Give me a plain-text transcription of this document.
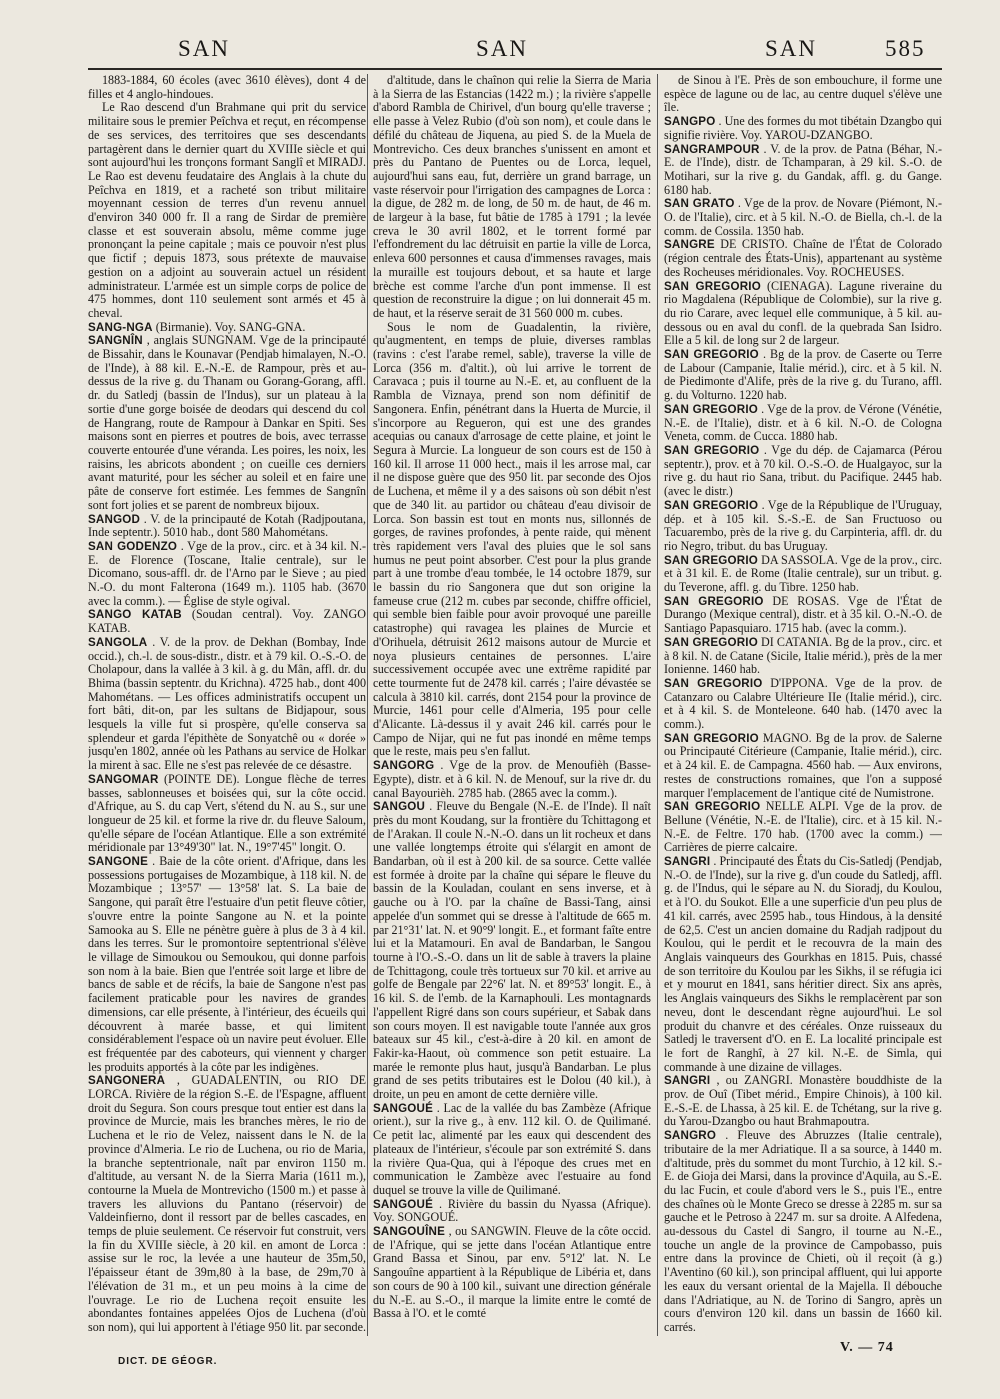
SAN	SAN	SAN	585

1883-1884, 60 écoles (avec 3610 élèves), dont 4 de filles et 4 anglo-hindoues.

Le Rao descend d'un Brahmane qui prit du service militaire sous le premier Peîchva et reçut, en récompense de ses services, des territoires que ses descendants partagèrent dans le dernier quart du XVIIIe siècle et qui sont aujourd'hui les tronçons formant Sanglî et MIRADJ. Le Rao est devenu feudataire des Anglais à la chute du Peîchva en 1819, et a racheté son tribut militaire moyennant cession de terres d'un revenu annuel d'environ 340 000 fr. Il a rang de Sirdar de première classe et est souverain absolu, même comme juge prononçant la peine capitale ; mais ce pouvoir n'est plus que fictif ; depuis 1873, sous prétexte de mauvaise gestion on a adjoint au souverain actuel un résident administrateur. L'armée est un simple corps de police de 475 hommes, dont 110 seulement sont armés et 45 à cheval.

SANG-NGA (Birmanie). Voy. SANG-GNA.

SANGNÎN , anglais SUNGNAM. Vge de la principauté de Bissahir, dans le Kounavar (Pendjab himalayen, N.-O. de l'Inde), à 88 kil. E.-N.-E. de Rampour, près et au-dessus de la rive g. du Thanam ou Gorang-Gorang, affl. dr. du Satledj (bassin de l'Indus), sur un plateau à la sortie d'une gorge boisée de deodars qui descend du col de Hangrang, route de Rampour à Dankar en Spiti. Ses maisons sont en pierres et poutres de bois, avec terrasse couverte entourée d'une véranda. Les poires, les noix, les raisins, les abricots abondent ; on cueille ces derniers avant maturité, pour les sécher au soleil et en faire une pâte de conserve fort estimée. Les femmes de Sangnîn sont fort jolies et se parent de nombreux bijoux.

SANGOD . V. de la principauté de Kotah (Radjpoutana, Inde septentr.). 5010 hab., dont 580 Mahométans.

SAN GODENZO . Vge de la prov., circ. et à 34 kil. N.-E. de Florence (Toscane, Italie centrale), sur le Dicomano, sous-affl. dr. de l'Arno par le Sieve ; au pied N.-O. du mont Falterona (1649 m.). 1105 hab. (3670 avec la comm.). — Église de style ogival.

SANGO KATAB (Soudan central). Voy. ZANGO KATAB.

SANGOLA . V. de la prov. de Dekhan (Bombay, Inde occid.), ch.-l. de sous-distr., distr. et à 79 kil. O.-S.-O. de Cholapour, dans la vallée à 3 kil. à g. du Mân, affl. dr. du Bhima (bassin septentr. du Krichna). 4725 hab., dont 400 Mahométans. — Les offices administratifs occupent un fort bâti, dit-on, par les sultans de Bidjapour, sous lesquels la ville fut si prospère, qu'elle conserva sa splendeur et garda l'épithète de Sonyatchê ou « dorée » jusqu'en 1802, année où les Pathans au service de Holkar la mirent à sac. Elle ne s'est pas relevée de ce désastre.

SANGOMAR (POINTE DE). Longue flèche de terres basses, sablonneuses et boisées qui, sur la côte occid. d'Afrique, au S. du cap Vert, s'étend du N. au S., sur une longueur de 25 kil. et forme la rive dr. du fleuve Saloum, qu'elle sépare de l'océan Atlantique. Elle a son extrémité méridionale par 13°49'30" lat. N., 19°7'45" longit. O.

SANGONE . Baie de la côte orient. d'Afrique, dans les possessions portugaises de Mozambique, à 118 kil. N. de Mozambique ; 13°57' — 13°58' lat. S. La baie de Sangone, qui paraît être l'estuaire d'un petit fleuve côtier, s'ouvre entre la pointe Sangone au N. et la pointe Samooka au S. Elle ne pénètre guère à plus de 3 à 4 kil. dans les terres. Sur le promontoire septentrional s'élève le village de Simoukou ou Semoukou, qui donne parfois son nom à la baie. Bien que l'entrée soit large et libre de bancs de sable et de récifs, la baie de Sangone n'est pas facilement praticable pour les navires de grandes dimensions, car elle présente, à l'intérieur, des écueils qui découvrent à marée basse, et qui limitent considérablement l'espace où un navire peut évoluer. Elle est fréquentée par des caboteurs, qui viennent y charger les produits apportés à la côte par les indigènes.

SANGONERA , GUADALENTIN, ou RIO DE LORCA. Rivière de la région S.-E. de l'Espagne, affluent droit du Segura. Son cours presque tout entier est dans la province de Murcie, mais les branches mères, le rio de Luchena et le rio de Velez, naissent dans le N. de la province d'Almeria. Le rio de Luchena, ou rio de Maria, la branche septentrionale, naît par environ 1150 m. d'altitude, au versant N. de la Sierra Maria (1611 m.), contourne la Muela de Montrevicho (1500 m.) et passe à travers les alluvions du Pantano (réservoir) de Valdeinfierno, dont il ressort par de belles cascades, en temps de pluie seulement. Ce réservoir fut construit, vers la fin du XVIIIe siècle, à 20 kil. en amont de Lorca : assise sur le roc, la levée a une hauteur de 35m,50, l'épaisseur étant de 39m,80 à la base, de 29m,70 à l'élévation de 31 m., et un peu moins à la cime de l'ouvrage. Le rio de Luchena reçoit ensuite les abondantes fontaines appelées Ojos de Luchena (d'où son nom), qui lui apportent à l'étiage 950 lit. par seconde.

d'altitude, dans le chaînon qui relie la Sierra de Maria à la Sierra de las Estancias (1422 m.) ; la rivière s'appelle d'abord Rambla de Chirivel, d'un bourg qu'elle traverse ; elle passe à Velez Rubio (d'où son nom), et coule dans le défilé du château de Jiquena, au pied S. de la Muela de Montrevicho. Ces deux branches s'unissent en amont et près du Pantano de Puentes ou de Lorca, lequel, aujourd'hui sans eau, fut, derrière un grand barrage, un vaste réservoir pour l'irrigation des campagnes de Lorca : la digue, de 282 m. de long, de 50 m. de haut, de 46 m. de largeur à la base, fut bâtie de 1785 à 1791 ; la levée creva le 30 avril 1802, et le torrent formé par l'effondrement du lac détruisit en partie la ville de Lorca, enleva 600 personnes et causa d'immenses ravages, mais la muraille est toujours debout, et sa haute et large brèche est comme l'arche d'un pont immense. Il est question de reconstruire la digue ; on lui donnerait 45 m. de haut, et la réserve serait de 31 560 000 m. cubes.

Sous le nom de Guadalentin, la rivière, qu'augmentent, en temps de pluie, diverses ramblas (ravins : c'est l'arabe remel, sable), traverse la ville de Lorca (356 m. d'altit.), où lui arrive le torrent de Caravaca ; puis il tourne au N.-E. et, au confluent de la Rambla de Viznaya, prend son nom définitif de Sangonera. Enfin, pénétrant dans la Huerta de Murcie, il s'incorpore au Regueron, qui est une des grandes acequias ou canaux d'arrosage de cette plaine, et joint le Segura à Murcie. La longueur de son cours est de 150 à 160 kil. Il arrose 11 000 hect., mais il les arrose mal, car il ne dispose guère que des 950 lit. par seconde des Ojos de Luchena, et même il y a des saisons où son débit n'est que de 340 lit. au partidor ou château d'eau divisoir de Lorca. Son bassin est tout en monts nus, sillonnés de gorges, de ravines profondes, à pente raide, qui mènent très rapidement vers l'aval des pluies que le sol sans humus ne peut point absorber. C'est pour la plus grande part à une trombe d'eau tombée, le 14 octobre 1879, sur le bassin du rio Sangonera que dut son origine la fameuse crue (212 m. cubes par seconde, chiffre officiel, qui semble bien faible pour avoir provoqué une pareille catastrophe) qui ravagea les plaines de Murcie et d'Orihuela, détruisit 2612 maisons autour de Murcie et noya plusieurs centaines de personnes. L'aire successivement occupée avec une extrême rapidité par cette tourmente fut de 2478 kil. carrés ; l'aire dévastée se calcula à 3810 kil. carrés, dont 2154 pour la province de Murcie, 1461 pour celle d'Almeria, 195 pour celle d'Alicante. Là-dessus il y avait 246 kil. carrés pour le Campo de Nijar, qui ne fut pas inondé en même temps que le reste, mais peu s'en fallut.

SANGORG . Vge de la prov. de Menoufièh (Basse-Egypte), distr. et à 6 kil. N. de Menouf, sur la rive dr. du canal Bayourièh. 2785 hab. (2865 avec la comm.).

SANGOU . Fleuve du Bengale (N.-E. de l'Inde). Il naît près du mont Koudang, sur la frontière du Tchittagong et de l'Arakan. Il coule N.-N.-O. dans un lit rocheux et dans une vallée longtemps étroite qui s'élargit en amont de Bandarban, où il est à 200 kil. de sa source. Cette vallée est formée à droite par la chaîne qui sépare le fleuve du bassin de la Kouladan, coulant en sens inverse, et à gauche ou à l'O. par la chaîne de Bassi-Tang, ainsi appelée d'un sommet qui se dresse à l'altitude de 665 m. par 21°31' lat. N. et 90°9' longit. E., et formant faîte entre lui et la Matamouri. En aval de Bandarban, le Sangou tourne à l'O.-S.-O. dans un lit de sable à travers la plaine de Tchittagong, coule très tortueux sur 70 kil. et arrive au golfe de Bengale par 22°6' lat. N. et 89°53' longit. E., à 16 kil. S. de l'emb. de la Karnaphouli. Les montagnards l'appellent Rigré dans son cours supérieur, et Sabak dans son cours moyen. Il est navigable toute l'année aux gros bateaux sur 45 kil., c'est-à-dire à 20 kil. en amont de Fakir-ka-Haout, où commence son petit estuaire. La marée le remonte plus haut, jusqu'à Bandarban. Le plus grand de ses petits tributaires est le Dolou (40 kil.), à droite, un peu en amont de cette dernière ville.

SANGOUÉ . Lac de la vallée du bas Zambèze (Afrique orient.), sur la rive g., à env. 112 kil. O. de Quilimané. Ce petit lac, alimenté par les eaux qui descendent des plateaux de l'intérieur, s'écoule par son extrémité S. dans la rivière Qua-Qua, qui à l'époque des crues met en communication le Zambèze avec l'estuaire au fond duquel se trouve la ville de Quilimané.

SANGOUÉ . Rivière du bassin du Nyassa (Afrique). Voy. SONGOUÉ.

SANGOUÎNE , ou SANGWIN. Fleuve de la côte occid. de l'Afrique, qui se jette dans l'océan Atlantique entre Grand Bassa et Sinou, par env. 5°12' lat. N. Le Sangouîne appartient à la République de Libéria et, dans son cours de 90 à 100 kil., suivant une direction générale du N.-E. au S.-O., il marque la limite entre le comté de Bassa à l'O. et le comté

de Sinou à l'E. Près de son embouchure, il forme une espèce de lagune ou de lac, au centre duquel s'élève une île.

SANGPO . Une des formes du mot tibétain Dzangbo qui signifie rivière. Voy. YAROU-DZANGBO.

SANGRAMPOUR . V. de la prov. de Patna (Béhar, N.-E. de l'Inde), distr. de Tchamparan, à 29 kil. S.-O. de Motihari, sur la rive g. du Gandak, affl. g. du Gange. 6180 hab.

SAN GRATO . Vge de la prov. de Novare (Piémont, N.-O. de l'Italie), circ. et à 5 kil. N.-O. de Biella, ch.-l. de la comm. de Cossila. 1350 hab.

SANGRE DE CRISTO. Chaîne de l'État de Colorado (région centrale des États-Unis), appartenant au système des Rocheuses méridionales. Voy. ROCHEUSES.

SAN GREGORIO (CIENAGA). Lagune riveraine du rio Magdalena (République de Colombie), sur la rive g. du rio Carare, avec lequel elle communique, à 5 kil. au-dessous ou en aval du confl. de la quebrada San Isidro. Elle a 5 kil. de long sur 2 de largeur.

SAN GREGORIO . Bg de la prov. de Caserte ou Terre de Labour (Campanie, Italie mérid.), circ. et à 5 kil. N. de Piedimonte d'Alife, près de la rive g. du Turano, affl. g. du Volturno. 1220 hab.

SAN GREGORIO . Vge de la prov. de Vérone (Vénétie, N.-E. de l'Italie), distr. et à 6 kil. N.-O. de Cologna Veneta, comm. de Cucca. 1880 hab.

SAN GREGORIO . Vge du dép. de Cajamarca (Pérou septentr.), prov. et à 70 kil. O.-S.-O. de Hualgayoc, sur la rive g. du haut rio Sana, tribut. du Pacifique. 2445 hab. (avec le distr.)

SAN GREGORIO . Vge de la République de l'Uruguay, dép. et à 105 kil. S.-S.-E. de San Fructuoso ou Tacuarembo, près de la rive g. du Carpinteria, affl. dr. du rio Negro, tribut. du bas Uruguay.

SAN GREGORIO DA SASSOLA. Vge de la prov., circ. et à 31 kil. E. de Rome (Italie centrale), sur un tribut. g. du Teverone, affl. g. du Tibre. 1250 hab.

SAN GREGORIO DE ROSAS. Vge de l'État de Durango (Mexique central), distr. et à 35 kil. O.-N.-O. de Santiago Papasquiaro. 1715 hab. (avec la comm.).

SAN GREGORIO DI CATANIA. Bg de la prov., circ. et à 8 kil. N. de Catane (Sicile, Italie mérid.), près de la mer Ionienne. 1460 hab.

SAN GREGORIO D'IPPONA. Vge de la prov. de Catanzaro ou Calabre Ultérieure IIe (Italie mérid.), circ. et à 4 kil. S. de Monteleone. 640 hab. (1470 avec la comm.).

SAN GREGORIO MAGNO. Bg de la prov. de Salerne ou Principauté Citérieure (Campanie, Italie mérid.), circ. et à 24 kil. E. de Campagna. 4560 hab. — Aux environs, restes de constructions romaines, que l'on a supposé marquer l'emplacement de l'antique cité de Numistrone.

SAN GREGORIO NELLE ALPI. Vge de la prov. de Bellune (Vénétie, N.-E. de l'Italie), circ. et à 15 kil. N.-N.-E. de Feltre. 170 hab. (1700 avec la comm.) — Carrières de pierre calcaire.

SANGRI . Principauté des États du Cis-Satledj (Pendjab, N.-O. de l'Inde), sur la rive g. d'un coude du Satledj, affl. g. de l'Indus, qui le sépare au N. du Sioradj, du Koulou, et à l'O. du Soukot. Elle a une superficie d'un peu plus de 41 kil. carrés, avec 2595 hab., tous Hindous, à la densité de 62,5. C'est un ancien domaine du Radjah radjpout du Koulou, qui le perdit et le recouvra de la main des Anglais vainqueurs des Gourkhas en 1815. Puis, chassé de son territoire du Koulou par les Sikhs, il se réfugia ici et y mourut en 1841, sans héritier direct. Six ans après, les Anglais vainqueurs des Sikhs le remplacèrent par son neveu, dont le descendant règne aujourd'hui. Le sol produit du chanvre et des céréales. Onze ruisseaux du Satledj le traversent d'O. en E. La localité principale est le fort de Ranghî, à 27 kil. N.-E. de Simla, qui commande à une dizaine de villages.

SANGRI , ou ZANGRI. Monastère bouddhiste de la prov. de Ouî (Tibet mérid., Empire Chinois), à 100 kil. E.-S.-E. de Lhassa, à 25 kil. E. de Tchétang, sur la rive g. du Yarou-Dzangbo ou haut Brahmapoutra.

SANGRO . Fleuve des Abruzzes (Italie centrale), tributaire de la mer Adriatique. Il a sa source, à 1440 m. d'altitude, près du sommet du mont Turchio, à 12 kil. S.-E. de Gioja dei Marsi, dans la province d'Aquila, au S.-E. du lac Fucin, et coule d'abord vers le S., puis l'E., entre des chaînes où le Monte Greco se dresse à 2285 m. sur sa gauche et le Petroso à 2247 m. sur sa droite. A Alfedena, au-dessous du Castel di Sangro, il tourne au N.-E., touche un angle de la province de Campobasso, puis entre dans la province de Chieti, où il reçoit (à g.) l'Aventino (60 kil.), son principal affluent, qui lui apporte les eaux du versant oriental de la Majella. Il débouche dans l'Adriatique, au N. de Torino di Sangro, après un cours d'environ 120 kil. dans un bassin de 1660 kil. carrés.

DICT. DE GÉOGR.
V. — 74
